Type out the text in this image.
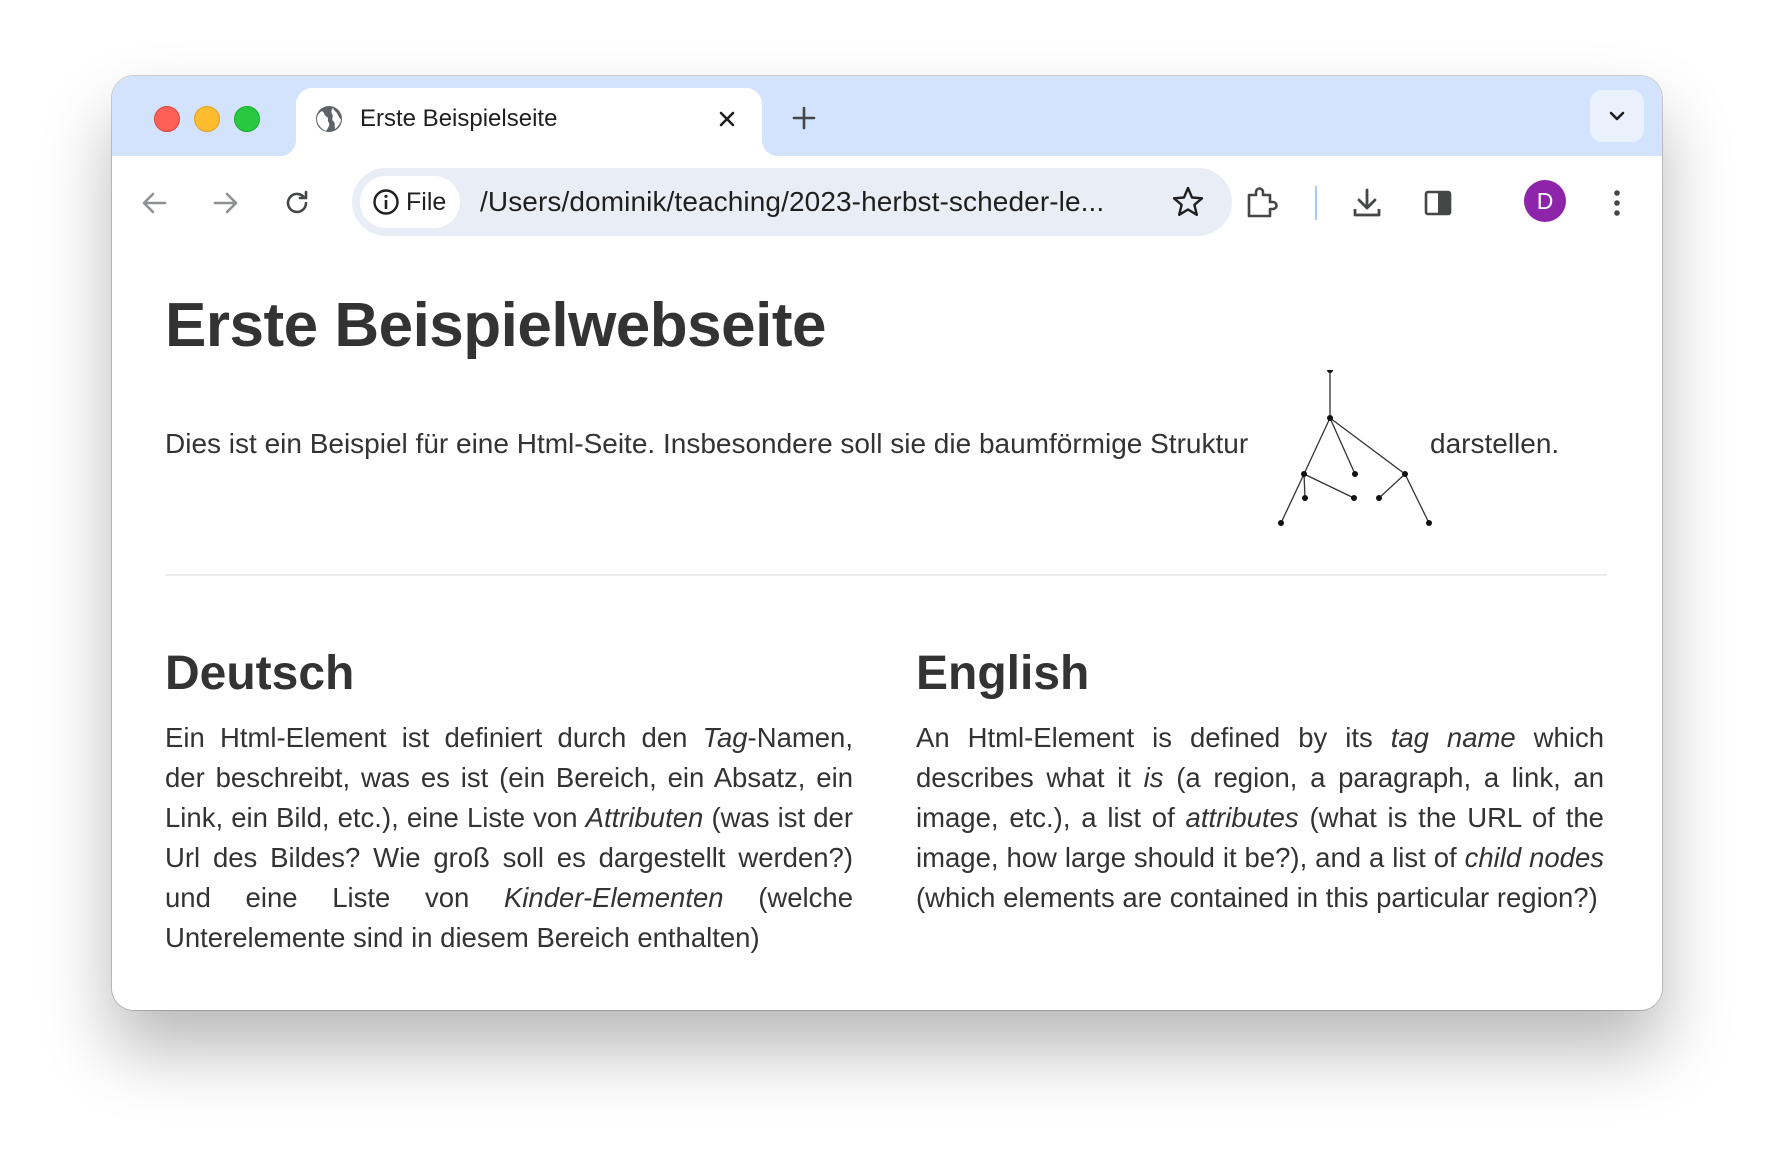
Erste Beispielseite
File /Users/dominik/teaching/2023-herbst-scheder-le...	D
Erste Beispielwebseite
Dies ist ein Beispiel für eine Html-Seite. Insbesondere soll sie die baumförmige Struktur	darstellen.
Deutsch

Ein Html-Element ist definiert durch den Tag-Namen, der beschreibt, was es ist (ein Bereich, ein Absatz, ein Link, ein Bild, etc.), eine Liste von Attributen (was ist der Url des Bildes? Wie groß soll es dargestellt werden?) und eine Liste von Kinder-Elementen (welche Unterelemente sind in diesem Bereich enthalten)

English

An Html-Element is defined by its tag name which describes what it is (a region, a paragraph, a link, an image, etc.), a list of attributes (what is the URL of the image, how large should it be?), and a list of child nodes (which elements are contained in this particular region?)
